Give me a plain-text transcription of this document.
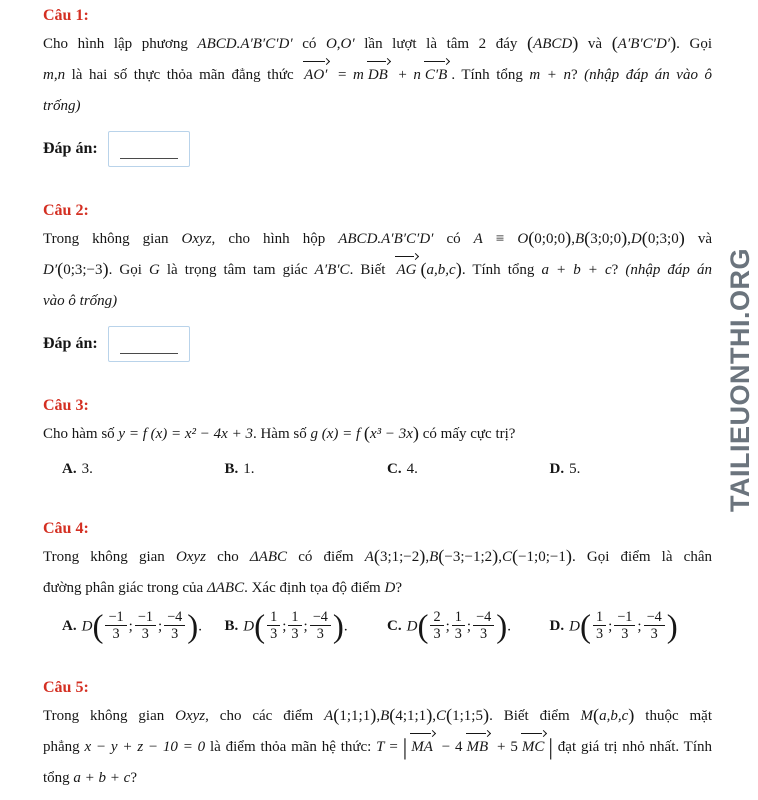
Câu 1:
Cho hình lập phương ABCD.A′B′C′D′ có O,O′ lần lượt là tâm 2 đáy (ABCD) và (A′B′C′D′). Gọi
m,n là hai số thực thỏa mãn đẳng thức AO′ = m DB + n C′B . Tính tổng m + n? (nhập đáp án vào ô
trống)
Đáp án:
Câu 2:
Trong không gian Oxyz, cho hình hộp ABCD.A′B′C′D′ có A ≡ O(0;0;0),B(3;0;0),D(0;3;0) và
D′(0;3;−3). Gọi G là trọng tâm tam giác A′B′C. Biết AG (a,b,c). Tính tổng a + b + c? (nhập đáp án
vào ô trống)
Đáp án:
Câu 3:
Cho hàm số y = f (x) = x² − 4x + 3. Hàm số g (x) = f (x³ − 3x) có mấy cực trị?
A. 3.	B. 1.	C. 4.	D. 5.
Câu 4:
Trong không gian Oxyz cho ΔABC có điểm A(3;1;−2),B(−3;−1;2),C(−1;0;−1). Gọi điểm là chân
đường phân giác trong của ΔABC. Xác định tọa độ điểm D?
A. $D( \frac{-1}{3}$ ; $\frac{-1}{3}$ ; $\frac{-4}{3}$ ). B. $D( \frac{1}{3}$ ; $\frac{1}{3}$ ; $\frac{-4}{3}$ ).	C. $D( \frac{2}{3}$ ; $\frac{1}{3}$ ; $\frac{-4}{3}$ ).	D. $D( \frac{1}{3}$ ; $\frac{-1}{3}$ ; $\frac{-4}{3}$ )
Câu 5:
Trong không gian Oxyz, cho các điểm A(1;1;1),B(4;1;1),C(1;1;5). Biết điểm M(a,b,c) thuộc mặt
phẳng x − y + z − 10 = 0 là điểm thỏa mãn hệ thức: T = | MA − 4 MB + 5 MC | đạt giá trị nhỏ nhất. Tính
tổng a + b + c?
TAILIEUONTHI.ORG
